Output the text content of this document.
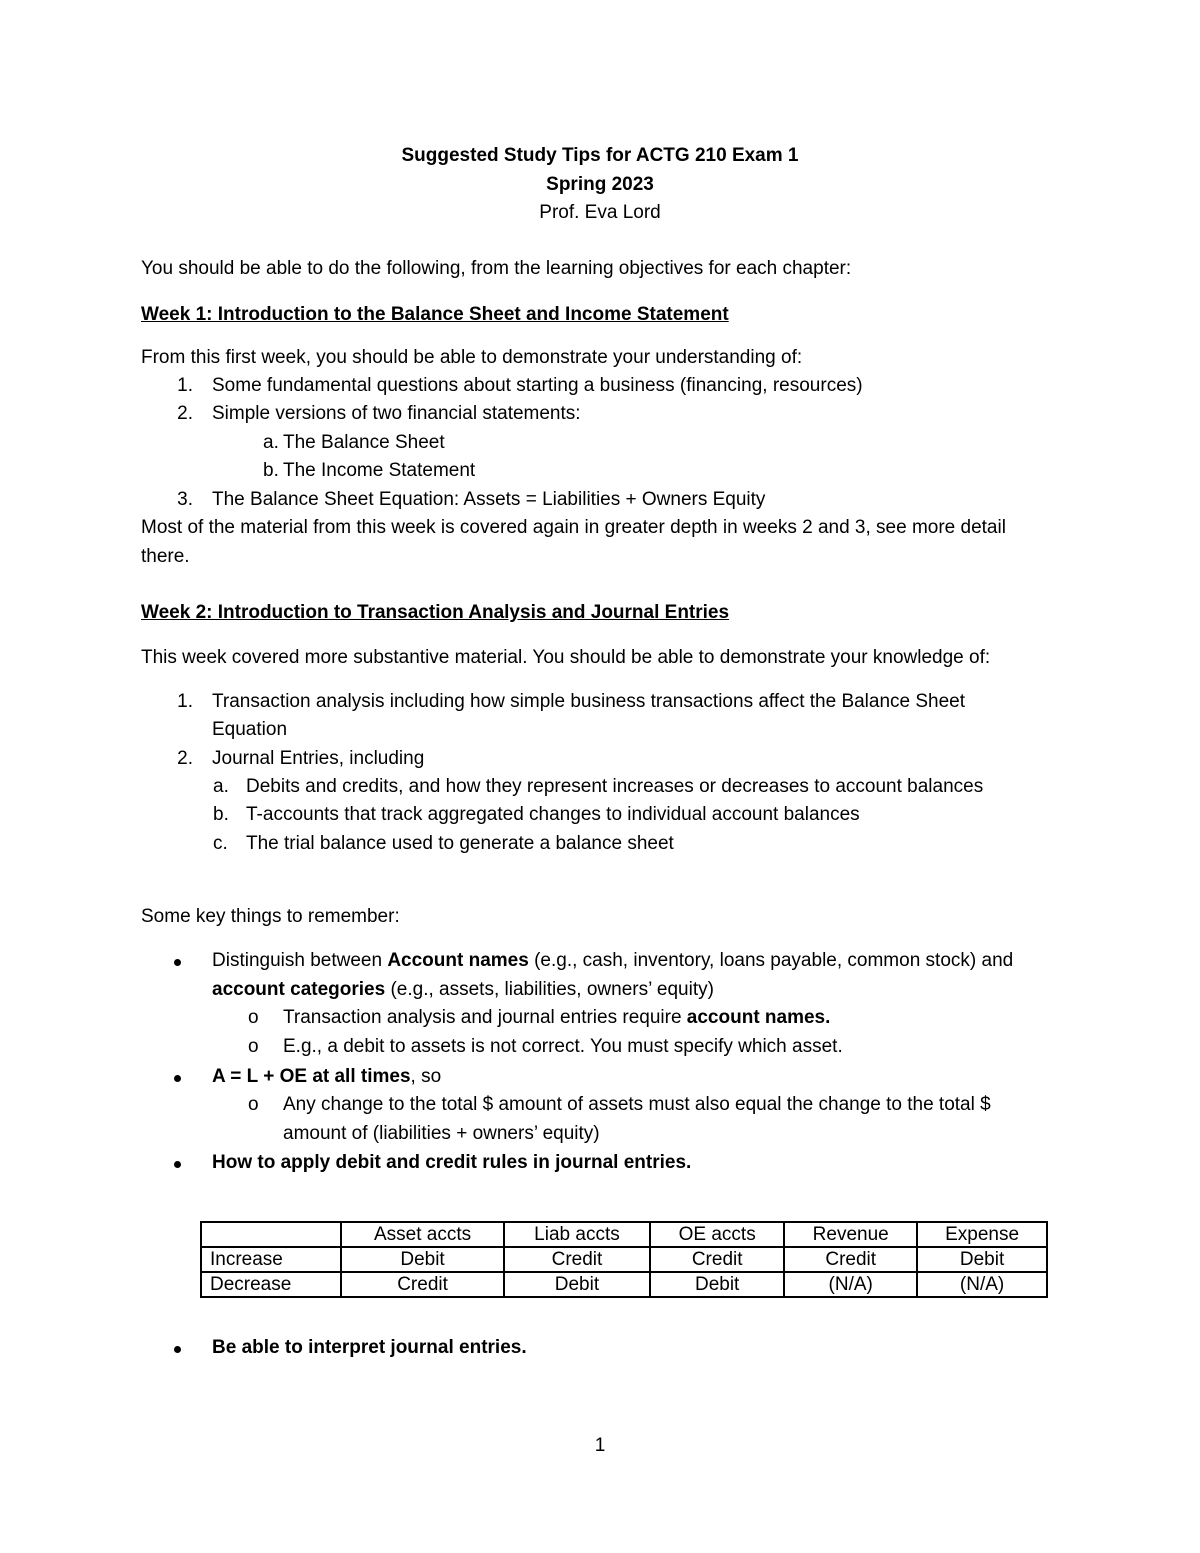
Suggested Study Tips for ACTG 210 Exam 1
Spring 2023
Prof. Eva Lord
You should be able to do the following, from the learning objectives for each chapter:
Week 1: Introduction to the Balance Sheet and Income Statement
From this first week, you should be able to demonstrate your understanding of:
1. Some fundamental questions about starting a business (financing, resources)
2. Simple versions of two financial statements:
a. The Balance Sheet
b. The Income Statement
3. The Balance Sheet Equation: Assets = Liabilities + Owners Equity
Most of the material from this week is covered again in greater depth in weeks 2 and 3, see more detail
there.
Week 2: Introduction to Transaction Analysis and Journal Entries
This week covered more substantive material. You should be able to demonstrate your knowledge of:
1. Transaction analysis including how simple business transactions affect the Balance Sheet
Equation
2. Journal Entries, including
a. Debits and credits, and how they represent increases or decreases to account balances
b. T-accounts that track aggregated changes to individual account balances
c. The trial balance used to generate a balance sheet
Some key things to remember:
Distinguish between Account names (e.g., cash, inventory, loans payable, common stock) and
account categories (e.g., assets, liabilities, owners’ equity)
o Transaction analysis and journal entries require account names.
o E.g., a debit to assets is not correct. You must specify which asset.
A = L + OE at all times, so
o Any change to the total $ amount of assets must also equal the change to the total $
amount of (liabilities + owners’ equity)
How to apply debit and credit rules in journal entries.
	Asset accts	Liab accts	OE accts	Revenue	Expense
Increase	Debit	Credit	Credit	Credit	Debit
Decrease	Credit	Debit	Debit	(N/A)	(N/A)
Be able to interpret journal entries.
1
